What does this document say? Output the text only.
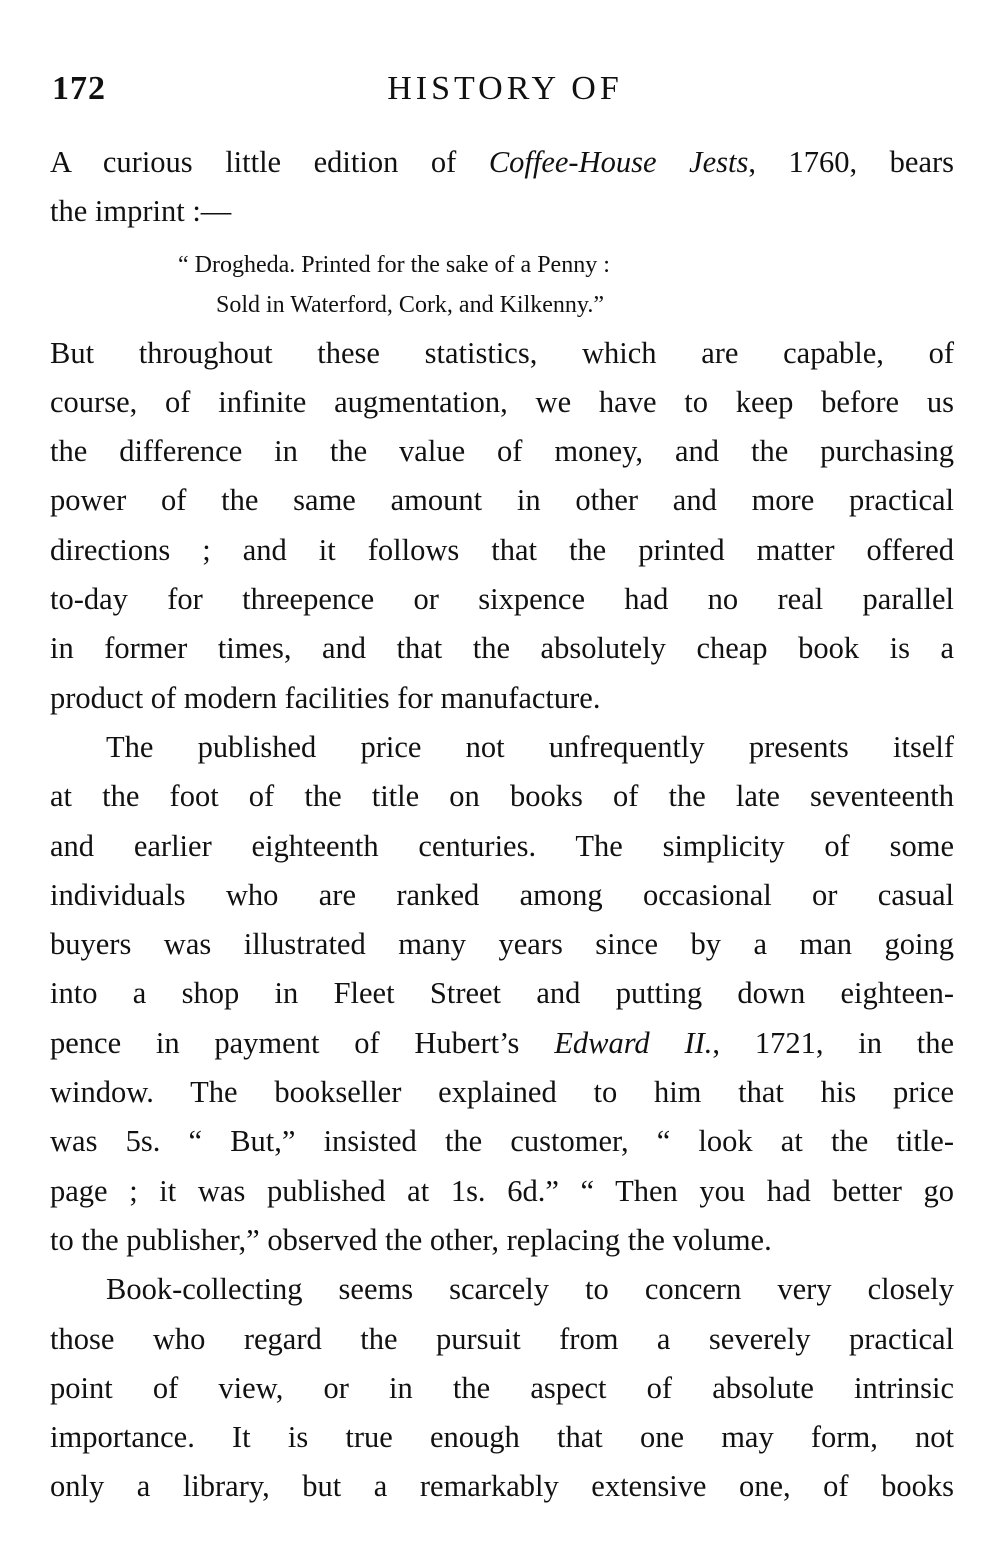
172	HISTORY OF
A curious little edition of Coffee-House Jests, 1760, bears
the imprint :—
“ Drogheda. Printed for the sake of a Penny :
Sold in Waterford, Cork, and Kilkenny.”
But throughout these statistics, which are capable, of
course, of infinite augmentation, we have to keep before us
the difference in the value of money, and the purchasing
power of the same amount in other and more practical
directions ; and it follows that the printed matter offered
to-day for threepence or sixpence had no real parallel
in former times, and that the absolutely cheap book is a
product of modern facilities for manufacture.
The published price not unfrequently presents itself
at the foot of the title on books of the late seventeenth
and earlier eighteenth centuries. The simplicity of some
individuals who are ranked among occasional or casual
buyers was illustrated many years since by a man going
into a shop in Fleet Street and putting down eighteen-
pence in payment of Hubert’s Edward II., 1721, in the
window. The bookseller explained to him that his price
was 5s. “ But,” insisted the customer, “ look at the title-
page ; it was published at 1s. 6d.” “ Then you had better go
to the publisher,” observed the other, replacing the volume.
Book-collecting seems scarcely to concern very closely
those who regard the pursuit from a severely practical
point of view, or in the aspect of absolute intrinsic
importance. It is true enough that one may form, not
only a library, but a remarkably extensive one, of books
